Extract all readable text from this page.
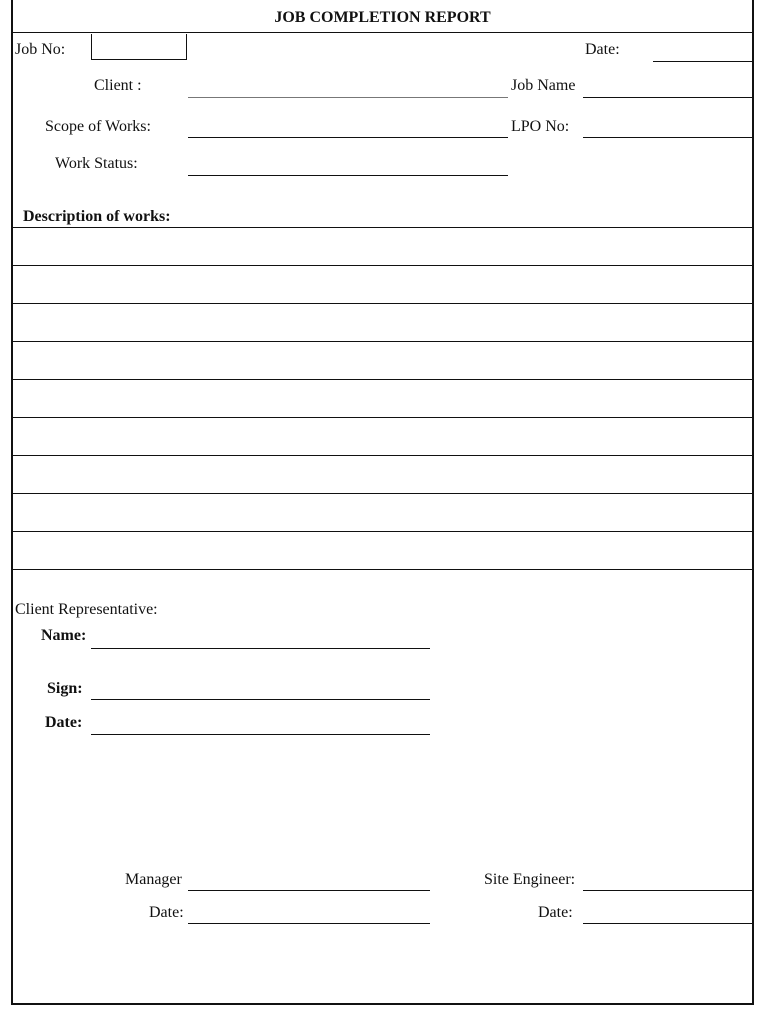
JOB COMPLETION REPORT
Job No:	Date:
Client :	Job Name
Scope of Works:	LPO No:
Work Status:
Description of works:
Client Representative:
Name:
Sign:
Date:
Manager
Date:
Site Engineer:
Date:
